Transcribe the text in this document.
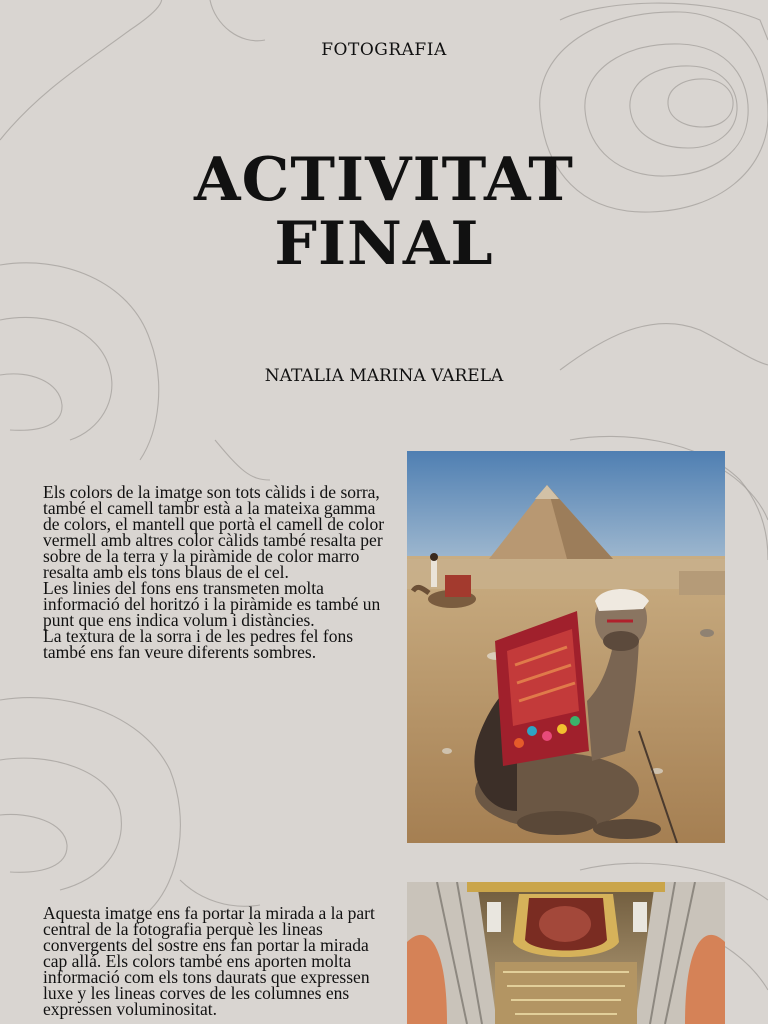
FOTOGRAFIA
ACTIVITAT
FINAL
NATALIA MARINA VARELA

Els colors de la imatge son tots càlids i de sorra, també el camell tambr està a la mateixa gamma de colors, el mantell que portà el camell de color vermell amb altres color càlids també resalta per sobre de la terra y la piràmide de color marro resalta amb els tons blaus de el cel.

Les linies del fons ens transmeten molta informació del horitzó i la piràmide es també un punt que ens indica volum i distàncies.

La textura de la sorra i de les pedres fel fons també ens fan veure diferents sombres.

Aquesta imatge ens fa portar la mirada a la part central de la fotografia perquè les lineas convergents del sostre ens fan portar la mirada cap allá. Els colors també ens aporten molta informació com els tons daurats que expressen luxe y les lineas corves de les columnes ens expressen voluminositat.
